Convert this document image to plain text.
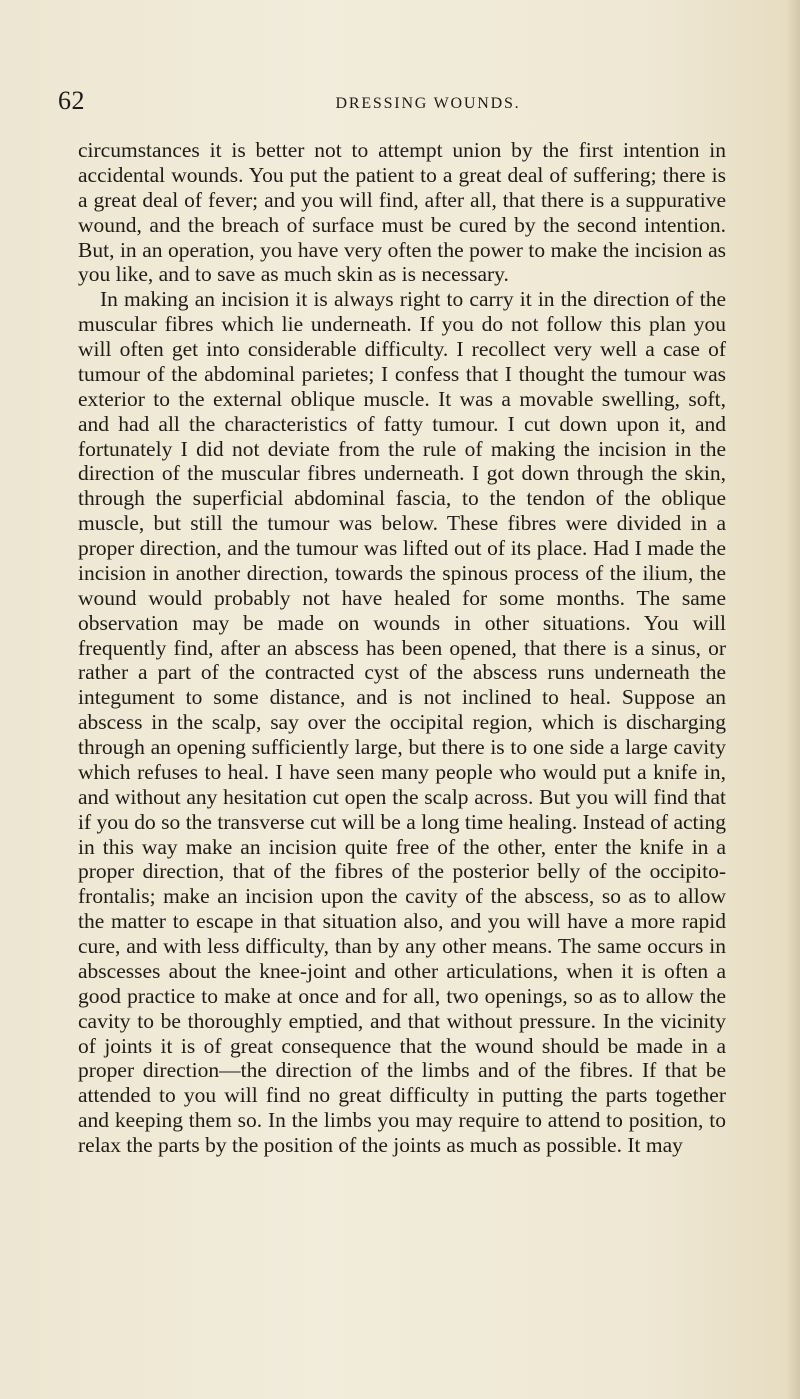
62	DRESSING WOUNDS.

circumstances it is better not to attempt union by the first intention in accidental wounds. You put the patient to a great deal of suffering; there is a great deal of fever; and you will find, after all, that there is a suppurative wound, and the breach of surface must be cured by the second intention. But, in an operation, you have very often the power to make the incision as you like, and to save as much skin as is necessary.

In making an incision it is always right to carry it in the direction of the muscular fibres which lie underneath. If you do not follow this plan you will often get into considerable difficulty. I recollect very well a case of tumour of the abdominal parietes; I confess that I thought the tumour was exterior to the external oblique muscle. It was a movable swelling, soft, and had all the characteristics of fatty tumour. I cut down upon it, and fortunately I did not deviate from the rule of making the incision in the direction of the muscular fibres underneath. I got down through the skin, through the superficial abdominal fascia, to the tendon of the oblique muscle, but still the tumour was below. These fibres were divided in a proper direction, and the tumour was lifted out of its place. Had I made the incision in another direction, towards the spinous process of the ilium, the wound would probably not have healed for some months. The same observation may be made on wounds in other situations. You will frequently find, after an abscess has been opened, that there is a sinus, or rather a part of the contracted cyst of the abscess runs underneath the integument to some distance, and is not inclined to heal. Suppose an abscess in the scalp, say over the occipital region, which is discharging through an opening sufficiently large, but there is to one side a large cavity which refuses to heal. I have seen many people who would put a knife in, and without any hesitation cut open the scalp across. But you will find that if you do so the transverse cut will be a long time healing. Instead of acting in this way make an incision quite free of the other, enter the knife in a proper direction, that of the fibres of the posterior belly of the occipito-frontalis; make an incision upon the cavity of the abscess, so as to allow the matter to escape in that situation also, and you will have a more rapid cure, and with less difficulty, than by any other means. The same occurs in abscesses about the knee-joint and other articulations, when it is often a good practice to make at once and for all, two openings, so as to allow the cavity to be thoroughly emptied, and that without pressure. In the vicinity of joints it is of great consequence that the wound should be made in a proper direction—the direction of the limbs and of the fibres. If that be attended to you will find no great difficulty in putting the parts together and keeping them so. In the limbs you may require to attend to position, to relax the parts by the position of the joints as much as possible. It may
